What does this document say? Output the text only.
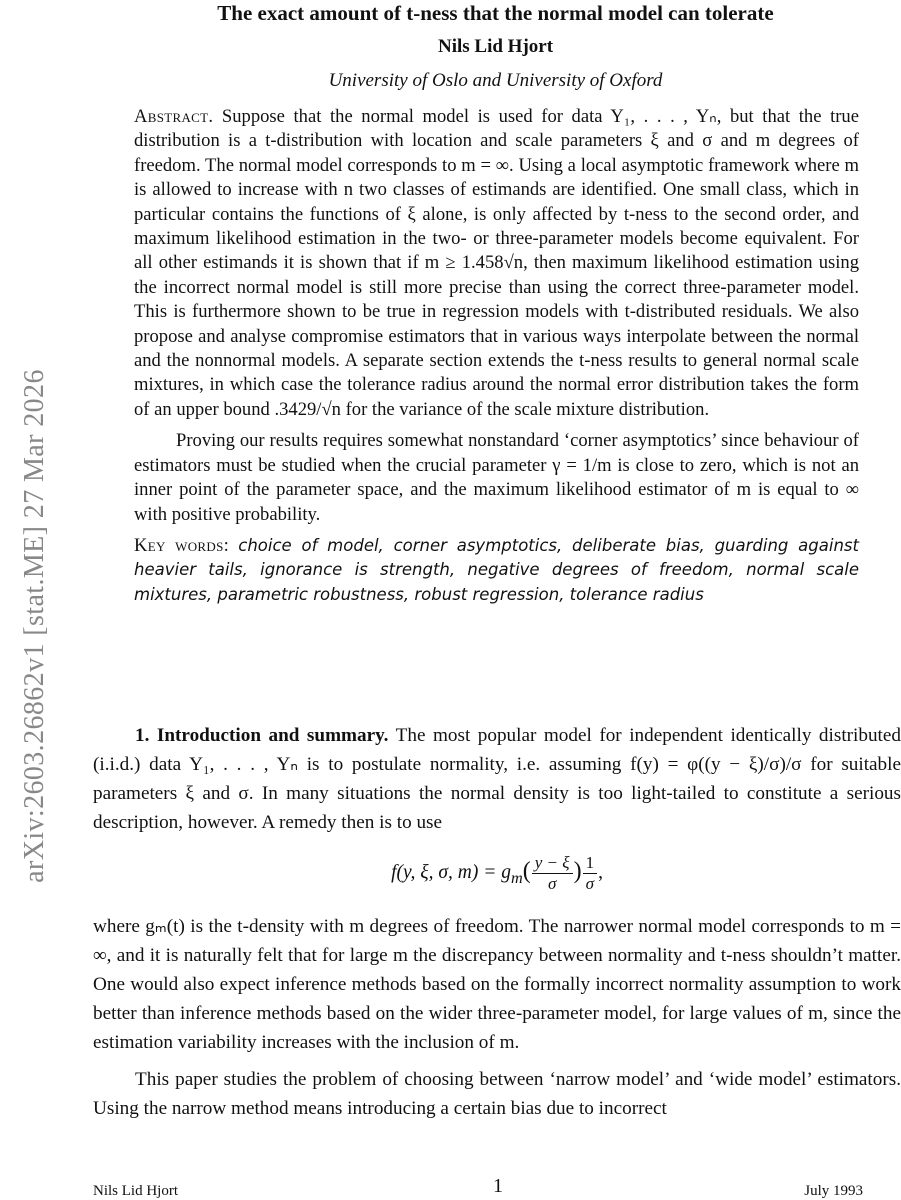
arXiv:2603.26862v1 [stat.ME] 27 Mar 2026
The exact amount of t-ness that the normal model can tolerate
Nils Lid Hjort
University of Oslo and University of Oxford

Abstract. Suppose that the normal model is used for data Y₁, . . . , Yₙ, but that the true distribution is a t-distribution with location and scale parameters ξ and σ and m degrees of freedom. The normal model corresponds to m = ∞. Using a local asymptotic framework where m is allowed to increase with n two classes of estimands are identified. One small class, which in particular contains the functions of ξ alone, is only affected by t-ness to the second order, and maximum likelihood estimation in the two- or three-parameter models become equivalent. For all other estimands it is shown that if m ≥ 1.458√n, then maximum likelihood estimation using the incorrect normal model is still more precise than using the correct three-parameter model. This is furthermore shown to be true in regression models with t-distributed residuals. We also propose and analyse compromise estimators that in various ways interpolate between the normal and the nonnormal models. A separate section extends the t-ness results to general normal scale mixtures, in which case the tolerance radius around the normal error distribution takes the form of an upper bound .3429/√n for the variance of the scale mixture distribution.

Proving our results requires somewhat nonstandard ‘corner asymptotics’ since behaviour of estimators must be studied when the crucial parameter γ = 1/m is close to zero, which is not an inner point of the parameter space, and the maximum likelihood estimator of m is equal to ∞ with positive probability.

Key words: choice of model, corner asymptotics, deliberate bias, guarding against heavier tails, ignorance is strength, negative degrees of freedom, normal scale mixtures, parametric robustness, robust regression, tolerance radius

1. Introduction and summary. The most popular model for independent identically distributed (i.i.d.) data Y₁, . . . , Yₙ is to postulate normality, i.e. assuming f(y) = φ((y − ξ)/σ)/σ for suitable parameters ξ and σ. In many situations the normal density is too light-tailed to constitute a serious description, however. A remedy then is to use

f(y, ξ, σ, $m) = g_m( \frac{y - \xi}{\sigma}$ ) $\frac{1}{\sigma}$ ,

where gₘ(t) is the t-density with m degrees of freedom. The narrower normal model corresponds to m = ∞, and it is naturally felt that for large m the discrepancy between normality and t-ness shouldn’t matter. One would also expect inference methods based on the formally incorrect normality assumption to work better than inference methods based on the wider three-parameter model, for large values of m, since the estimation variability increases with the inclusion of m.

This paper studies the problem of choosing between ‘narrow model’ and ‘wide model’ estimators. Using the narrow method means introducing a certain bias due to incorrect

Nils Lid Hjort	1	July 1993
